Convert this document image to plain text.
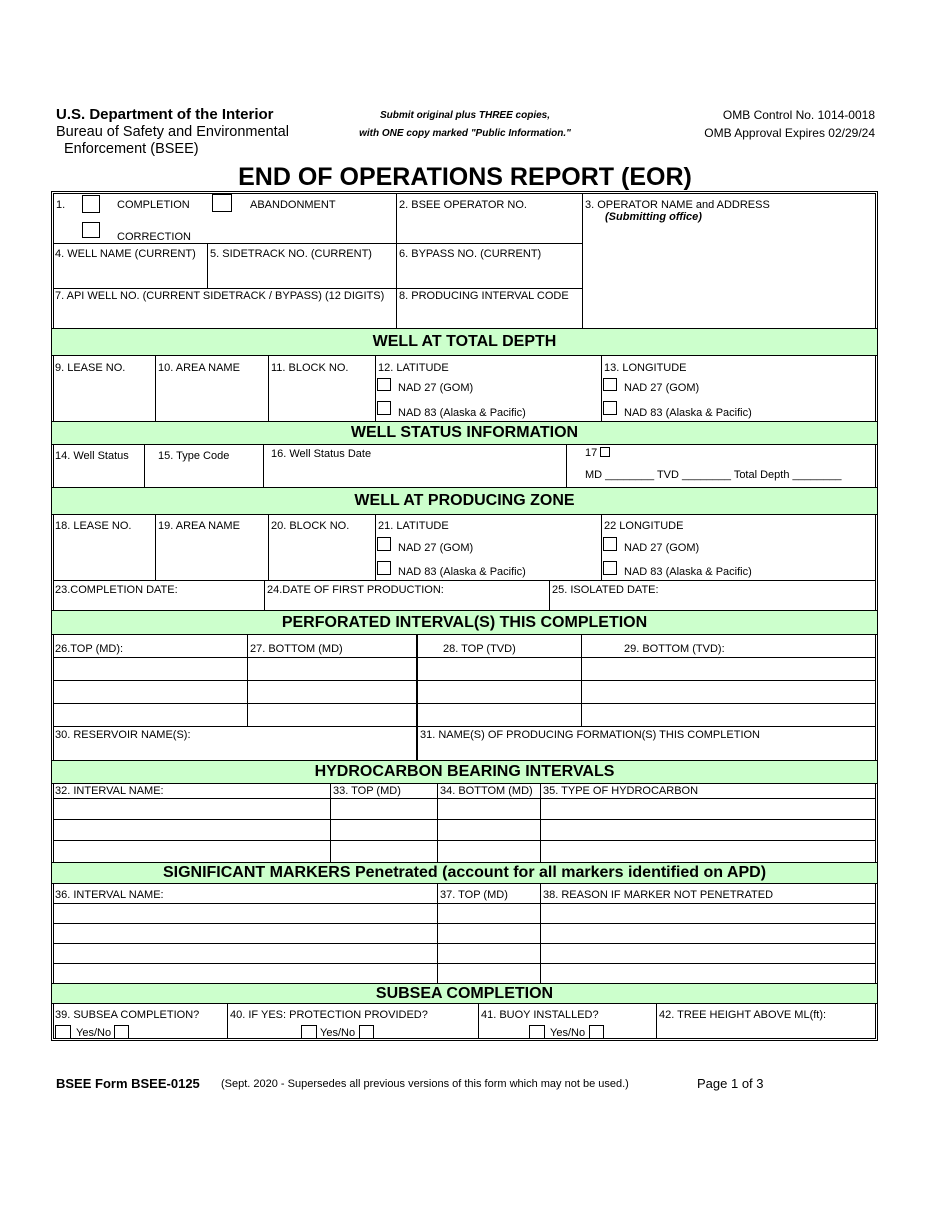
U.S. Department of the Interior
Bureau of Safety and Environmental
Enforcement (BSEE)
Submit original plus THREE copies,
with ONE copy marked "Public Information."
OMB Control No. 1014-0018
OMB Approval Expires 02/29/24
END OF OPERATIONS REPORT (EOR)
1.	COMPLETION	ABANDONMENT
CORRECTION
2. BSEE OPERATOR NO.	3. OPERATOR NAME and ADDRESS
(Submitting office)
4. WELL NAME (CURRENT) 5. SIDETRACK NO. (CURRENT) 6. BYPASS NO. (CURRENT)
7. API WELL NO. (CURRENT SIDETRACK / BYPASS) (12 DIGITS) 8. PRODUCING INTERVAL CODE
WELL AT TOTAL DEPTH
9. LEASE NO.	10. AREA NAME	11. BLOCK NO.	12. LATITUDE
NAD 27 (GOM)
NAD 83 (Alaska & Pacific)
13. LONGITUDE
NAD 27 (GOM)
NAD 83 (Alaska & Pacific)
WELL STATUS INFORMATION
14. Well Status	15. Type Code	16. Well Status Date	17
MD ________ TVD ________ Total Depth ________
WELL AT PRODUCING ZONE
18. LEASE NO. 19. AREA NAME	20. BLOCK NO.	21. LATITUDE
NAD 27 (GOM)
NAD 83 (Alaska & Pacific)
22 LONGITUDE
NAD 27 (GOM)
NAD 83 (Alaska & Pacific)
23.COMPLETION DATE:	24.DATE OF FIRST PRODUCTION:	25. ISOLATED DATE:
PERFORATED INTERVAL(S) THIS COMPLETION
26.TOP (MD):	27. BOTTOM (MD)	28. TOP (TVD)	29. BOTTOM (TVD):
30. RESERVOIR NAME(S):	31. NAME(S) OF PRODUCING FORMATION(S) THIS COMPLETION
HYDROCARBON BEARING INTERVALS
32. INTERVAL NAME:	33. TOP (MD)	34. BOTTOM (MD) 35. TYPE OF HYDROCARBON
SIGNIFICANT MARKERS Penetrated (account for all markers identified on APD)
36. INTERVAL NAME:	37. TOP (MD)	38. REASON IF MARKER NOT PENETRATED
SUBSEA COMPLETION
39. SUBSEA COMPLETION?
Yes/No
40. IF YES: PROTECTION PROVIDED?
Yes/No
41. BUOY INSTALLED?
Yes/No
42. TREE HEIGHT ABOVE ML(ft):
BSEE Form BSEE-0125 (Sept. 2020 - Supersedes all previous versions of this form which may not be used.)	Page 1 of 3
